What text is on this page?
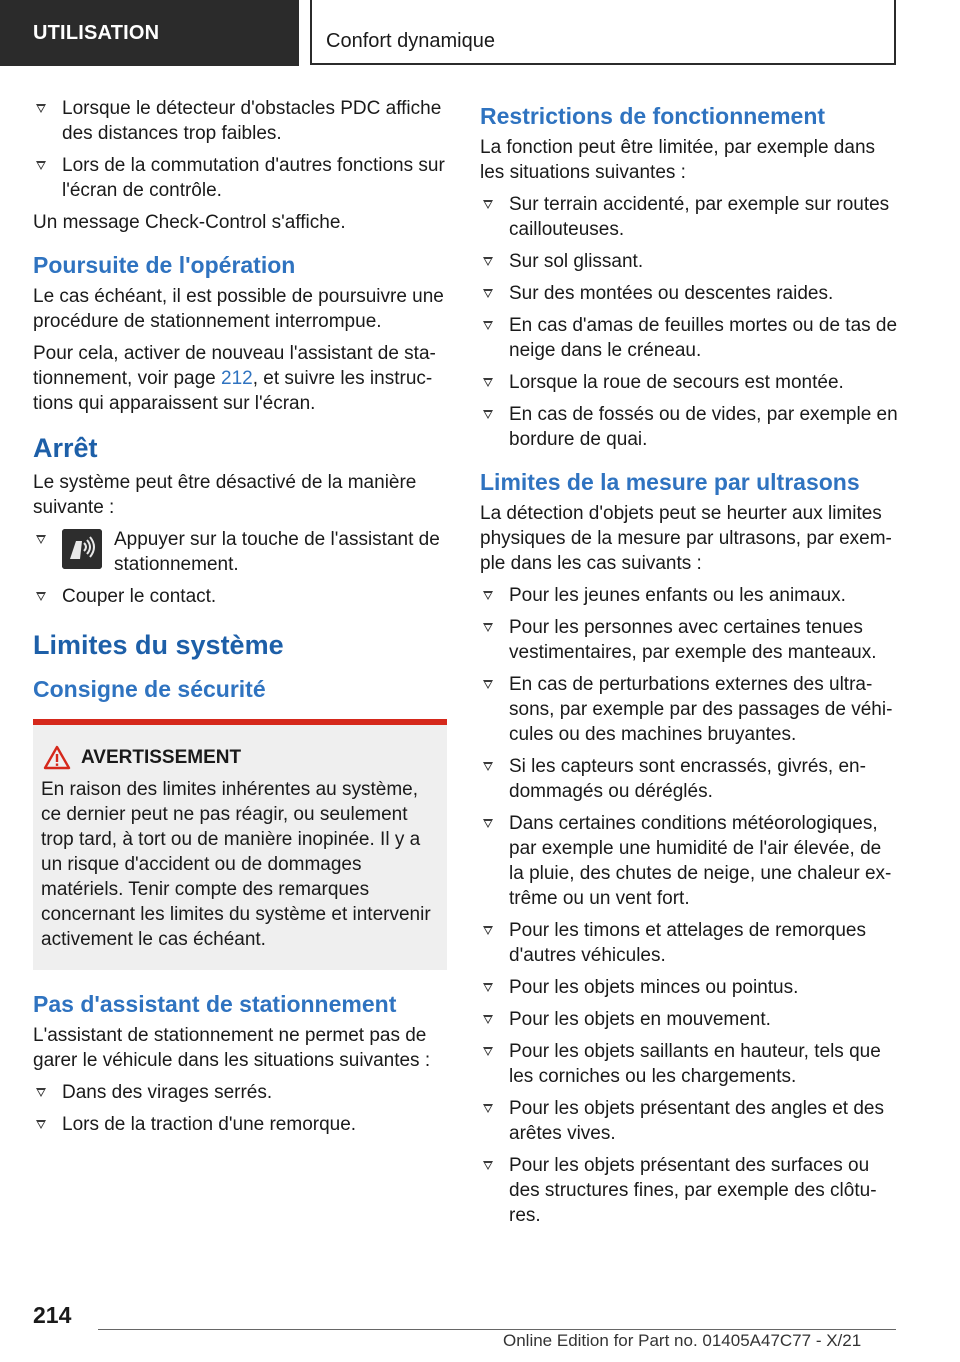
UTILISATION	Confort dynamique
Lorsque le détecteur d'obstacles PDC affiche des distances trop faibles.
Lors de la commutation d'autres fonctions sur l'écran de contrôle.

Un message Check-Control s'affiche.

Poursuite de l'opération

Le cas échéant, il est possible de poursuivre une procédure de stationnement interrompue.

Pour cela, activer de nouveau l'assistant de stationnement, voir page 212, et suivre les instructions qui apparaissent sur l'écran.

Arrêt

Le système peut être désactivé de la manière suivante :

Appuyer sur la touche de l'assistant de stationnement.
Couper le contact.
Limites du système
Consigne de sécurité
AVERTISSEMENT
En raison des limites inhérentes au système, ce dernier peut ne pas réagir, ou seulement trop tard, à tort ou de manière inopinée. Il y a un risque d'accident ou de dommages matériels. Tenir compte des remarques concernant les limites du système et intervenir activement le cas échéant.
Pas d'assistant de stationnement

L'assistant de stationnement ne permet pas de garer le véhicule dans les situations suivantes :

Dans des virages serrés.
Lors de la traction d'une remorque.
Restrictions de fonctionnement

La fonction peut être limitée, par exemple dans les situations suivantes :

Sur terrain accidenté, par exemple sur routes caillouteuses.
Sur sol glissant.
Sur des montées ou descentes raides.
En cas d'amas de feuilles mortes ou de tas de neige dans le créneau.
Lorsque la roue de secours est montée.
En cas de fossés ou de vides, par exemple en bordure de quai.
Limites de la mesure par ultrasons

La détection d'objets peut se heurter aux limites physiques de la mesure par ultrasons, par exemple dans les cas suivants :

Pour les jeunes enfants ou les animaux.
Pour les personnes avec certaines tenues vestimentaires, par exemple des manteaux.
En cas de perturbations externes des ultrasons, par exemple par des passages de véhicules ou des machines bruyantes.
Si les capteurs sont encrassés, givrés, endommagés ou déréglés.
Dans certaines conditions météorologiques, par exemple une humidité de l'air élevée, de la pluie, des chutes de neige, une chaleur extrême ou un vent fort.
Pour les timons et attelages de remorques d'autres véhicules.
Pour les objets minces ou pointus.
Pour les objets en mouvement.
Pour les objets saillants en hauteur, tels que les corniches ou les chargements.
Pour les objets présentant des angles et des arêtes vives.
Pour les objets présentant des surfaces ou des structures fines, par exemple des clôtures.
214
Online Edition for Part no. 01405A47C77 - X/21
